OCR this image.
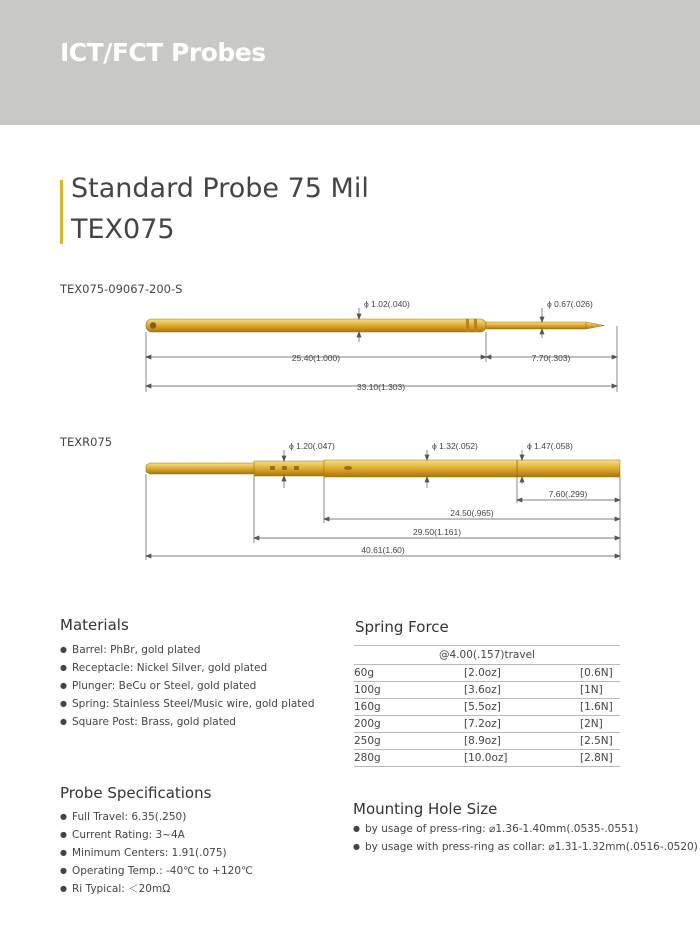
ICT/FCT Probes
Standard Probe 75 Mil
TEX075
TEX075-09067-200-S
ϕ 1.02(.040)	ϕ 0.67(.026)
25.40(1.000)	7.70(.303)
33.10(1.303)
TEXR075	ϕ 1.20(.047)	ϕ 1.32(.052)	ϕ 1.47(.058)
7.60(.299)
24.50(.965)
29.50(1.161)
40.61(1.60)
Materials
● Barrel: PhBr, gold plated
● Receptacle: Nickel Silver, gold plated
● Plunger: BeCu or Steel, gold plated
● Spring: Stainless Steel/Music wire, gold plated
● Square Post: Brass, gold plated
Spring Force
@4.00(.157)travel		
60g	[2.0oz]	[0.6N]
100g	[3.6oz]	[1N]
160g	[5.5oz]	[1.6N]
200g	[7.2oz]	[2N]
250g	[8.9oz]	[2.5N]
280g	[10.0oz]	[2.8N]
Probe Specifications
● Full Travel: 6.35(.250)
● Current Rating: 3~4A
● Minimum Centers: 1.91(.075)
● Operating Temp.: -40℃ to +120℃
● Ri Typical: ＜20mΩ
Mounting Hole Size
● by usage of press-ring: ⌀1.36-1.40mm(.0535-.0551)
● by usage with press-ring as collar: ⌀1.31-1.32mm(.0516-.0520)
